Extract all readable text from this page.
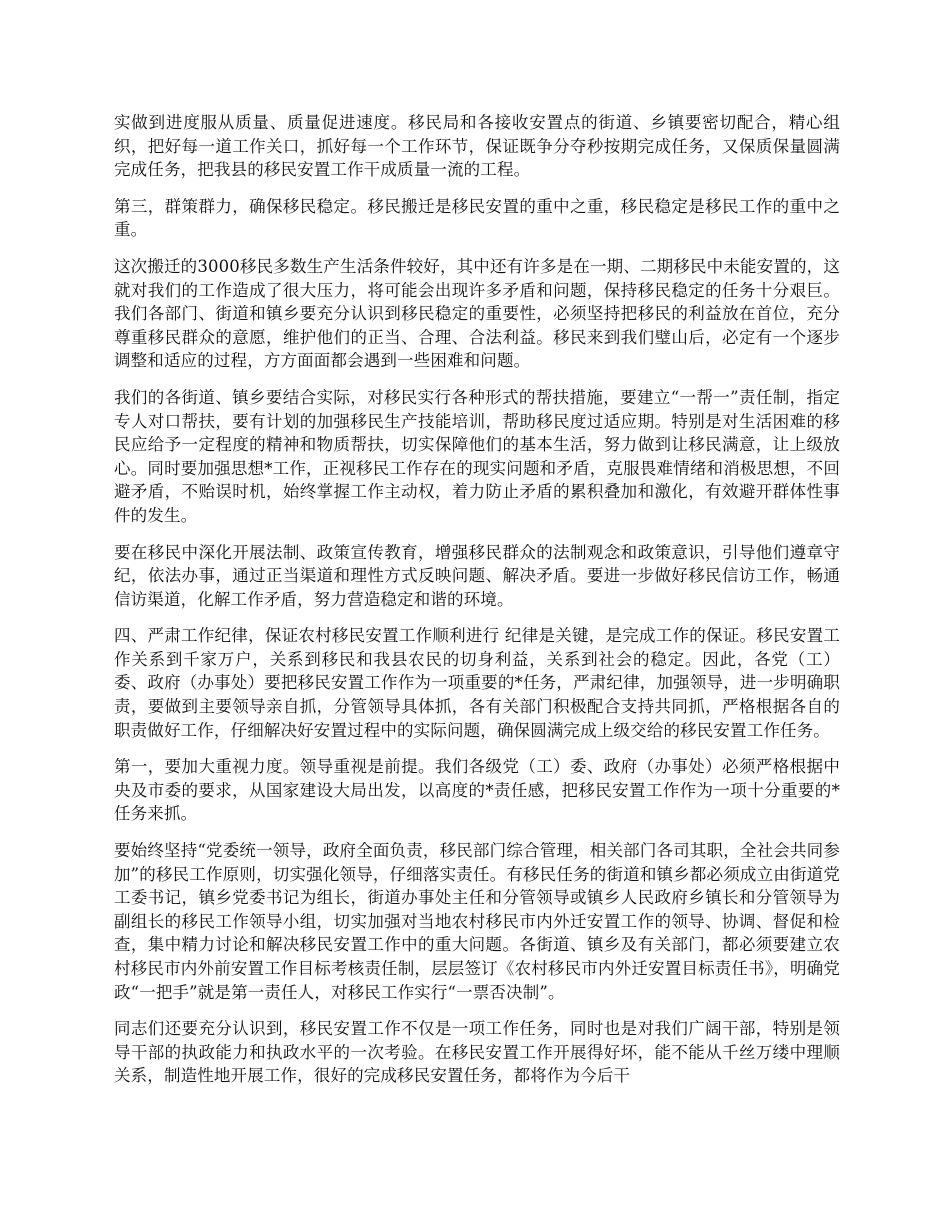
实做到进度服从质量、质量促进速度。移民局和各接收安置点的街道、乡镇要密切配合，精心组织，把好每一道工作关口，抓好每一个工作环节，保证既争分夺秒按期完成任务，又保质保量圆满完成任务，把我县的移民安置工作干成质量一流的工程。

第三，群策群力，确保移民稳定。移民搬迁是移民安置的重中之重，移民稳定是移民工作的重中之重。

这次搬迁的3000移民多数生产生活条件较好，其中还有许多是在一期、二期移民中未能安置的，这就对我们的工作造成了很大压力，将可能会出现许多矛盾和问题，保持移民稳定的任务十分艰巨。我们各部门、街道和镇乡要充分认识到移民稳定的重要性，必须坚持把移民的利益放在首位，充分尊重移民群众的意愿，维护他们的正当、合理、合法利益。移民来到我们璧山后，必定有一个逐步调整和适应的过程，方方面面都会遇到一些困难和问题。

我们的各街道、镇乡要结合实际，对移民实行各种形式的帮扶措施，要建立“一帮一”责任制，指定专人对口帮扶，要有计划的加强移民生产技能培训，帮助移民度过适应期。特别是对生活困难的移民应给予一定程度的精神和物质帮扶，切实保障他们的基本生活，努力做到让移民满意，让上级放心。同时要加强思想*工作，正视移民工作存在的现实问题和矛盾，克服畏难情绪和消极思想，不回避矛盾，不贻误时机，始终掌握工作主动权，着力防止矛盾的累积叠加和激化，有效避开群体性事件的发生。

要在移民中深化开展法制、政策宣传教育，增强移民群众的法制观念和政策意识，引导他们遵章守纪，依法办事，通过正当渠道和理性方式反映问题、解决矛盾。要进一步做好移民信访工作，畅通信访渠道，化解工作矛盾，努力营造稳定和谐的环境。

四、严肃工作纪律，保证农村移民安置工作顺利进行 纪律是关键，是完成工作的保证。移民安置工作关系到千家万户，关系到移民和我县农民的切身利益，关系到社会的稳定。因此，各党（工）委、政府（办事处）要把移民安置工作作为一项重要的*任务，严肃纪律，加强领导，进一步明确职责，要做到主要领导亲自抓，分管领导具体抓，各有关部门积极配合支持共同抓，严格根据各自的职责做好工作，仔细解决好安置过程中的实际问题，确保圆满完成上级交给的移民安置工作任务。

第一，要加大重视力度。领导重视是前提。我们各级党（工）委、政府（办事处）必须严格根据中央及市委的要求，从国家建设大局出发，以高度的*责任感，把移民安置工作作为一项十分重要的*任务来抓。

要始终坚持“党委统一领导，政府全面负责，移民部门综合管理，相关部门各司其职，全社会共同参加”的移民工作原则，切实强化领导，仔细落实责任。有移民任务的街道和镇乡都必须成立由街道党工委书记，镇乡党委书记为组长，街道办事处主任和分管领导或镇乡人民政府乡镇长和分管领导为副组长的移民工作领导小组，切实加强对当地农村移民市内外迁安置工作的领导、协调、督促和检查，集中精力讨论和解决移民安置工作中的重大问题。各街道、镇乡及有关部门，都必须要建立农村移民市内外前安置工作目标考核责任制，层层签订《农村移民市内外迁安置目标责任书》，明确党政“一把手”就是第一责任人，对移民工作实行“一票否决制”。

同志们还要充分认识到，移民安置工作不仅是一项工作任务，同时也是对我们广阔干部，特别是领导干部的执政能力和执政水平的一次考验。在移民安置工作开展得好坏，能不能从千丝万缕中理顺关系，制造性地开展工作，很好的完成移民安置任务，都将作为今后干
